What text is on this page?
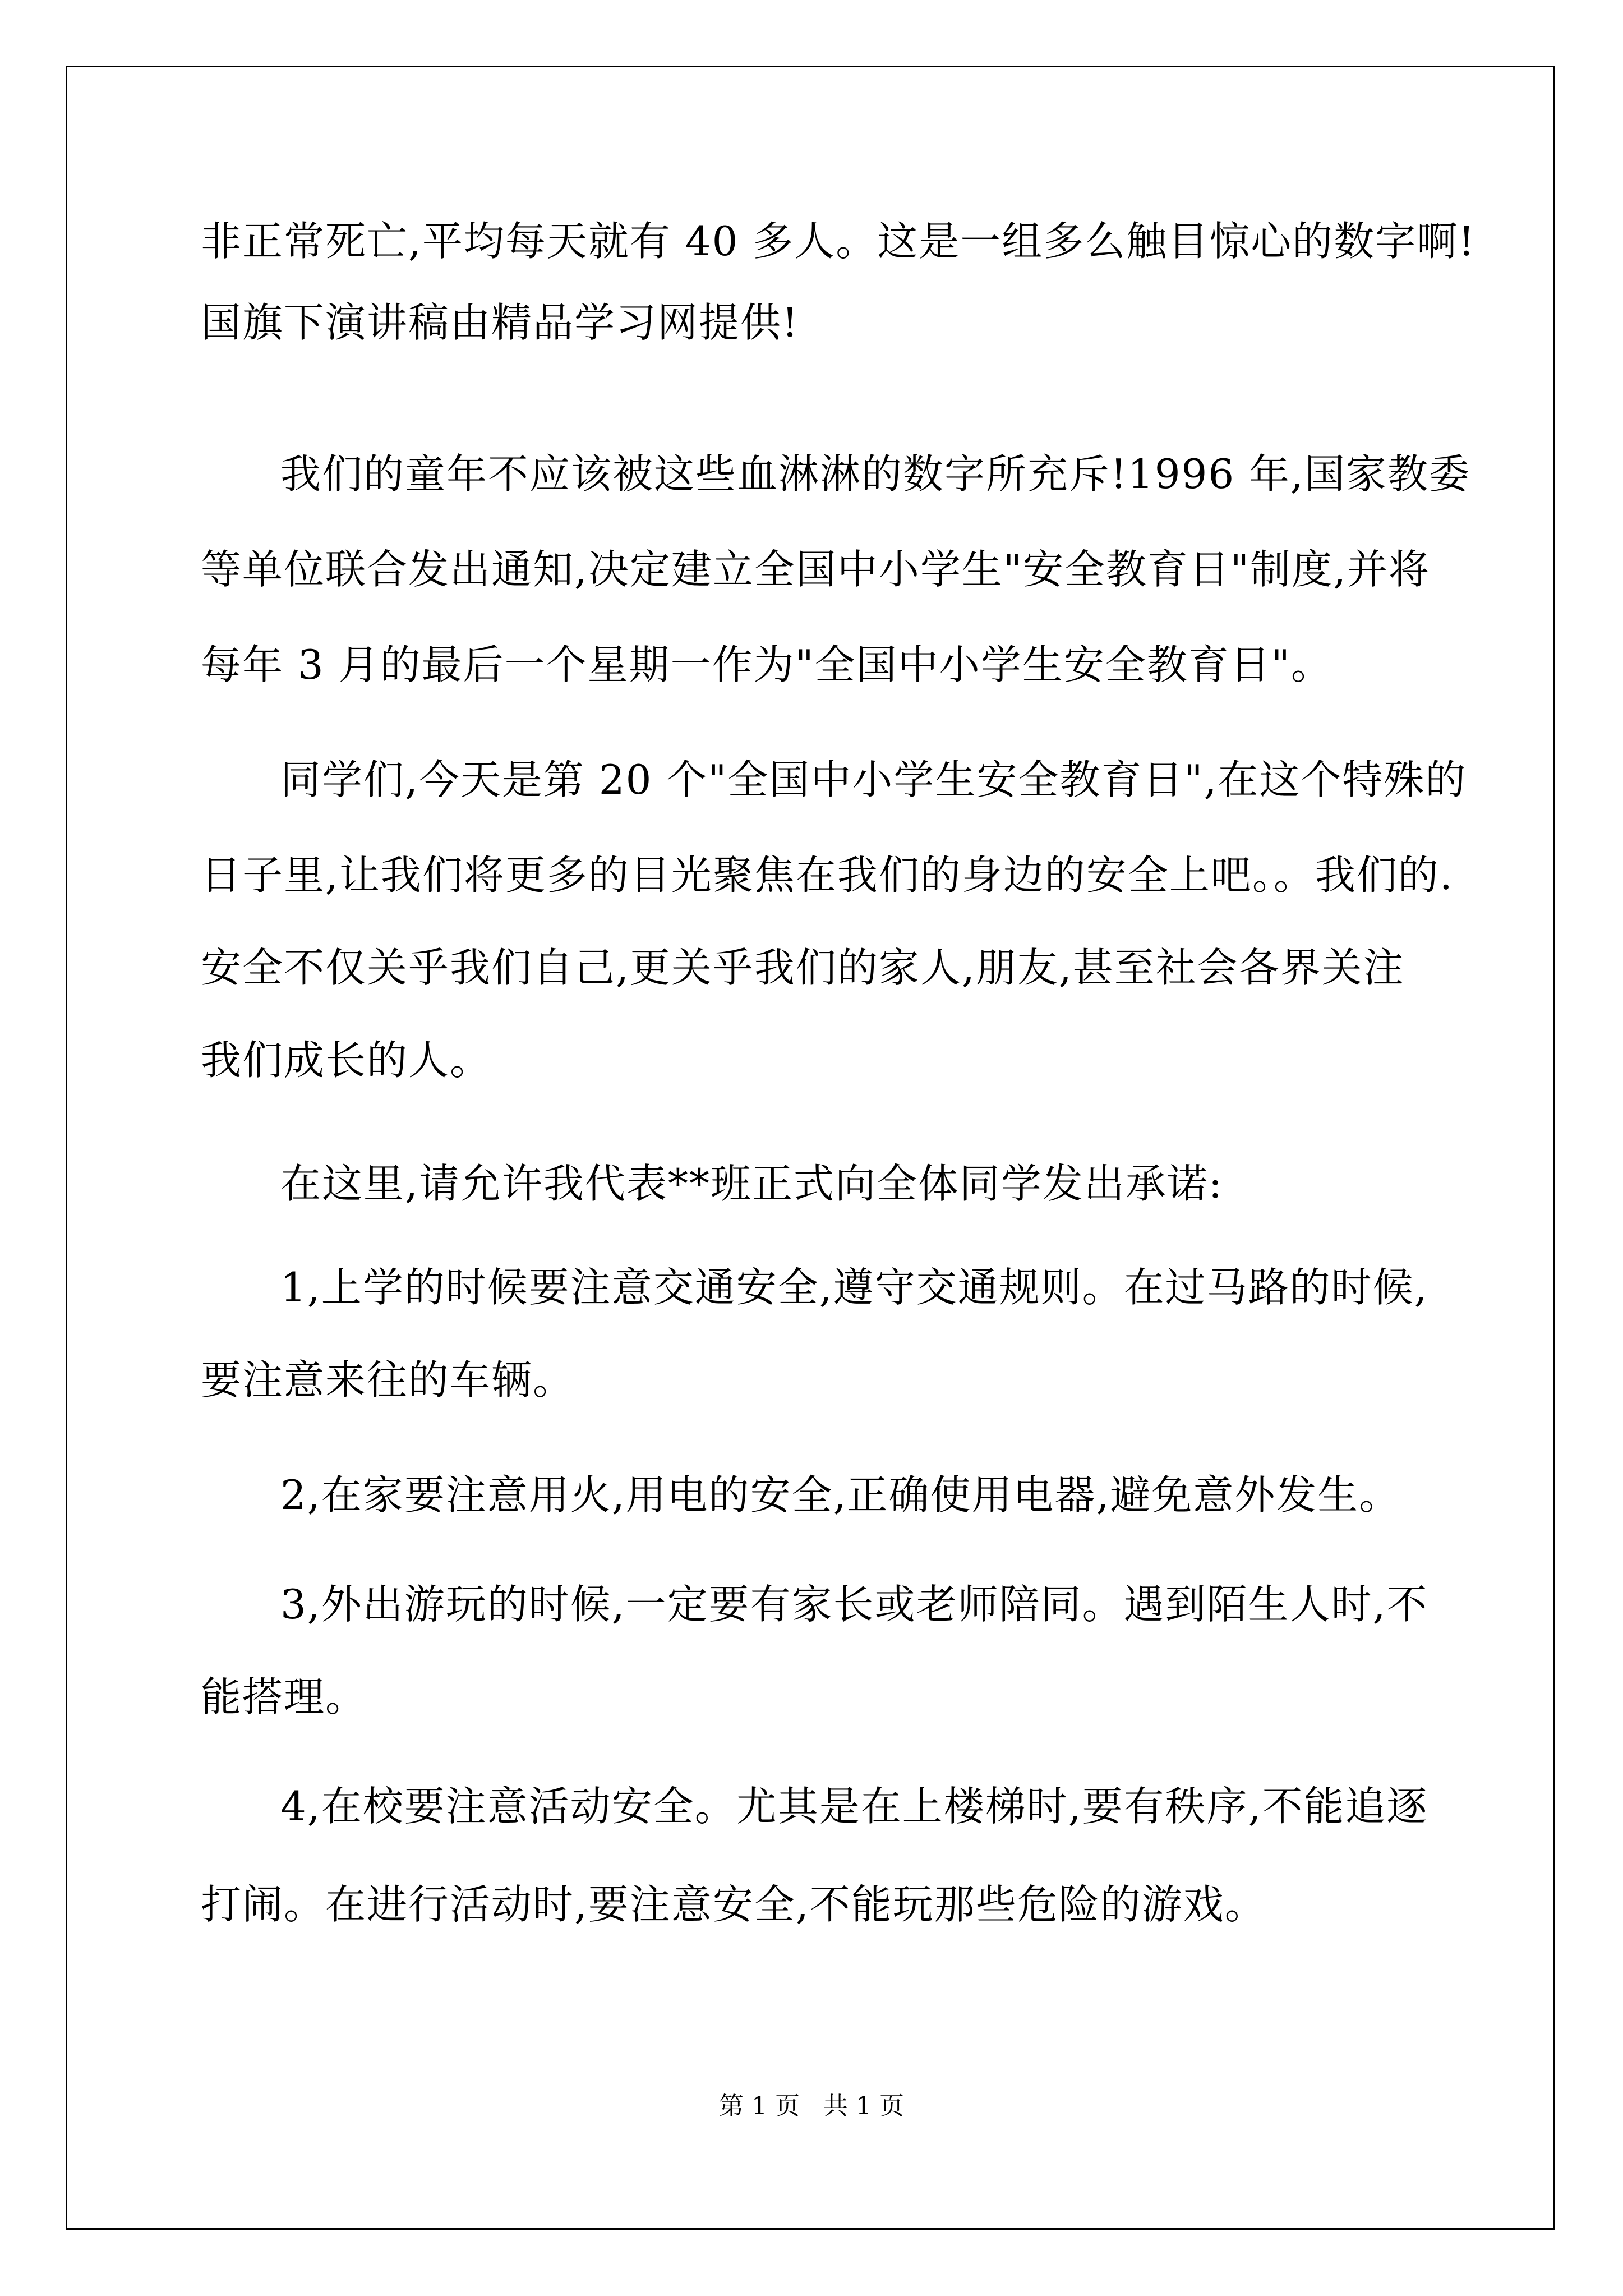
非正常死亡,平均每天就有 40 多人。这是一组多么触目惊心的数字啊!
国旗下演讲稿由精品学习网提供!
我们的童年不应该被这些血淋淋的数字所充斥!1996 年,国家教委
等单位联合发出通知,决定建立全国中小学生"安全教育日"制度,并将
每年 3 月的最后一个星期一作为"全国中小学生安全教育日"。
同学们,今天是第 20 个"全国中小学生安全教育日",在这个特殊的
日子里,让我们将更多的目光聚焦在我们的身边的安全上吧。。我们的.
安全不仅关乎我们自己,更关乎我们的家人,朋友,甚至社会各界关注
我们成长的人。
在这里,请允许我代表**班正式向全体同学发出承诺:
1,上学的时候要注意交通安全,遵守交通规则。在过马路的时候,
要注意来往的车辆。
2,在家要注意用火,用电的安全,正确使用电器,避免意外发生。
3,外出游玩的时候,一定要有家长或老师陪同。遇到陌生人时,不
能搭理。
4,在校要注意活动安全。尤其是在上楼梯时,要有秩序,不能追逐
打闹。在进行活动时,要注意安全,不能玩那些危险的游戏。
第 1 页   共 1 页
